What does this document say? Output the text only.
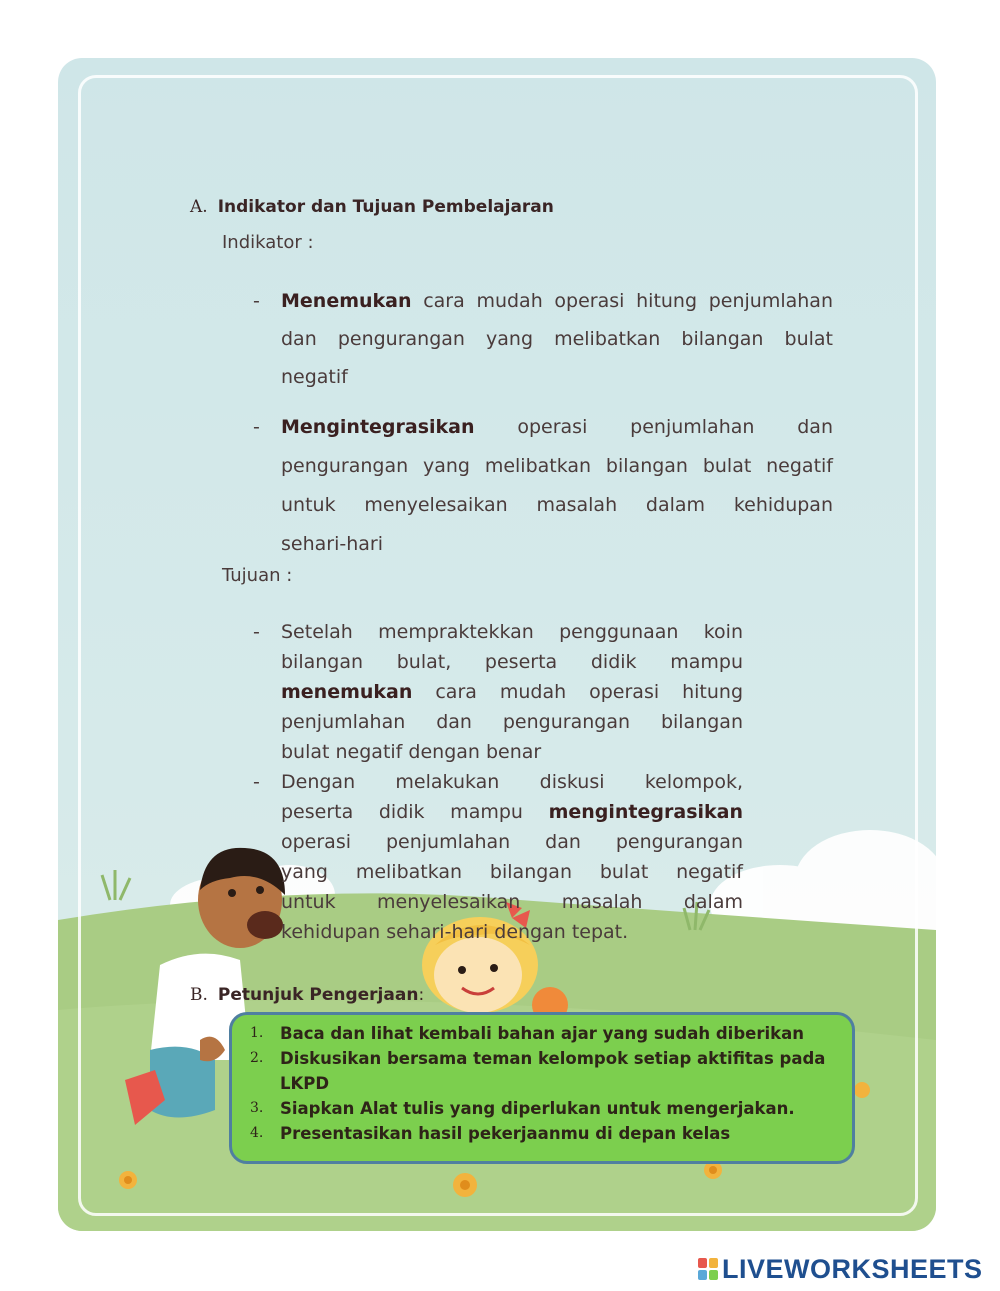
A. Indikator dan Tujuan Pembelajaran
Indikator :
- Menemukan cara mudah operasi hitung penjumlahan
dan pengurangan yang melibatkan bilangan bulat
negatif
- Mengintegrasikan operasi penjumlahan dan
pengurangan yang melibatkan bilangan bulat negatif
untuk menyelesaikan masalah dalam kehidupan
sehari-hari
Tujuan :
- Setelah mempraktekkan penggunaan koin
bilangan bulat, peserta didik mampu
menemukan cara mudah operasi hitung
penjumlahan dan pengurangan bilangan
bulat negatif dengan benar
- Dengan melakukan diskusi kelompok,
peserta didik mampu mengintegrasikan
operasi penjumlahan dan pengurangan
yang melibatkan bilangan bulat negatif
untuk menyelesaikan masalah dalam
kehidupan sehari-hari dengan tepat.
B. Petunjuk Pengerjaan:
1. Baca dan lihat kembali bahan ajar yang sudah diberikan
2. Diskusikan bersama teman kelompok setiap aktifitas pada LKPD
3. Siapkan Alat tulis yang diperlukan untuk mengerjakan.
4. Presentasikan hasil pekerjaanmu di depan kelas
LIVEWORKSHEETS
